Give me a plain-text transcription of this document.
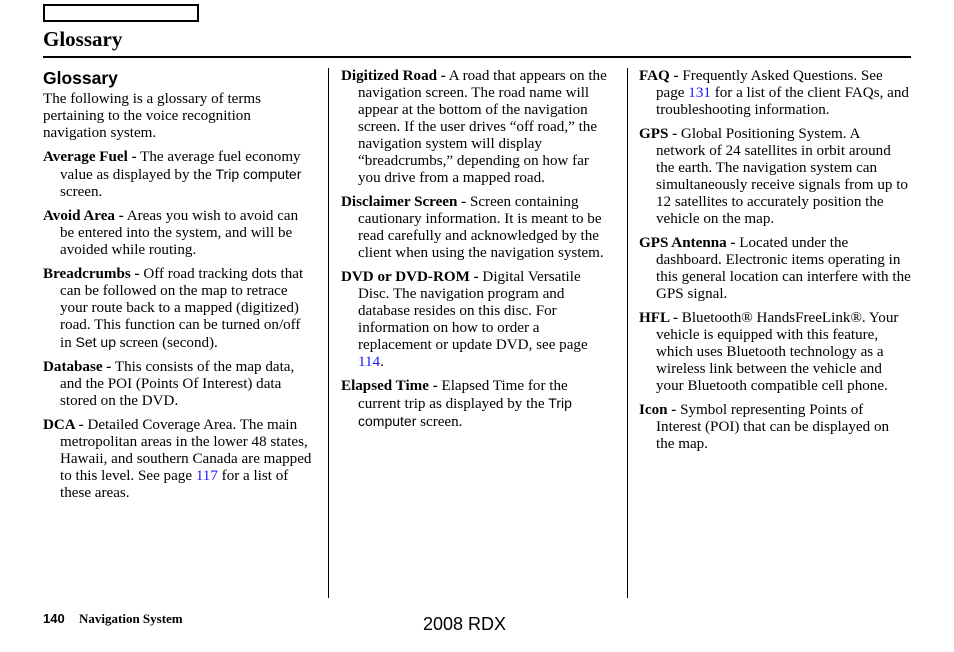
Glossary
Glossary

The following is a glossary of terms pertaining to the voice recognition navigation system.

Average Fuel - The average fuel economy value as displayed by the Trip computer screen.

Avoid Area - Areas you wish to avoid can be entered into the system, and will be avoided while routing.

Breadcrumbs - Off road tracking dots that can be followed on the map to retrace your route back to a mapped (digitized) road. This function can be turned on/off in Set up screen (second).

Database - This consists of the map data, and the POI (Points Of Interest) data stored on the DVD.

DCA - Detailed Coverage Area. The main metropolitan areas in the lower 48 states, Hawaii, and southern Canada are mapped to this level. See page 117 for a list of these areas.

Digitized Road - A road that appears on the navigation screen. The road name will appear at the bottom of the navigation screen. If the user drives “off road,” the navigation system will display “breadcrumbs,” depending on how far you drive from a mapped road.

Disclaimer Screen - Screen containing cautionary information. It is meant to be read carefully and acknowledged by the client when using the navigation system.

DVD or DVD-ROM - Digital Versatile Disc. The navigation program and database resides on this disc. For information on how to order a replacement or update DVD, see page 114.

Elapsed Time - Elapsed Time for the current trip as displayed by the Trip computer screen.

FAQ - Frequently Asked Questions. See page 131 for a list of the client FAQs, and troubleshooting information.

GPS - Global Positioning System. A network of 24 satellites in orbit around the earth. The navigation system can simultaneously receive signals from up to 12 satellites to accurately position the vehicle on the map.

GPS Antenna - Located under the dashboard. Electronic items operating in this general location can interfere with the GPS signal.

HFL - Bluetooth® HandsFreeLink®. Your vehicle is equipped with this feature, which uses Bluetooth technology as a wireless link between the vehicle and your Bluetooth compatible cell phone.

Icon - Symbol representing Points of Interest (POI) that can be displayed on the map.

140 Navigation System	2008 RDX
